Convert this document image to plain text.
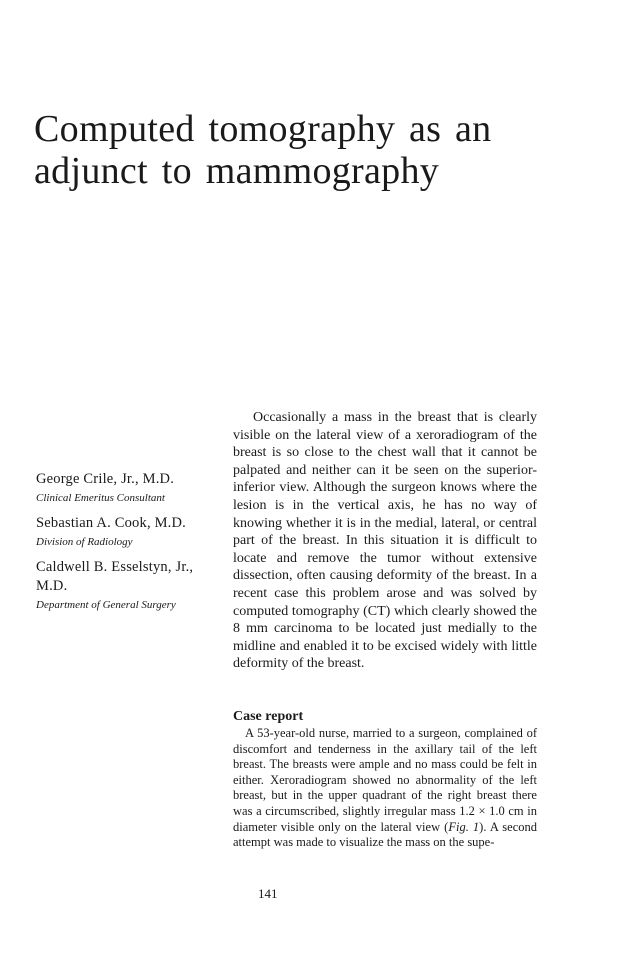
Computed tomography as an adjunct to mammography

George Crile, Jr., M.D.

Clinical Emeritus Consultant

Sebastian A. Cook, M.D.

Division of Radiology

Caldwell B. Esselstyn, Jr., M.D.

Department of General Surgery

Occasionally a mass in the breast that is clearly visible on the lateral view of a xeroradiogram of the breast is so close to the chest wall that it cannot be palpated and neither can it be seen on the superior-inferior view. Although the surgeon knows where the lesion is in the vertical axis, he has no way of knowing whether it is in the medial, lateral, or central part of the breast. In this situation it is difficult to locate and remove the tumor without extensive dissection, often causing deformity of the breast. In a recent case this problem arose and was solved by computed tomography (CT) which clearly showed the 8 mm carcinoma to be located just medially to the midline and enabled it to be excised widely with little deformity of the breast.

Case report

A 53-year-old nurse, married to a surgeon, complained of discomfort and tenderness in the axillary tail of the left breast. The breasts were ample and no mass could be felt in either. Xeroradiogram showed no abnormality of the left breast, but in the upper quadrant of the right breast there was a circumscribed, slightly irregular mass 1.2 × 1.0 cm in diameter visible only on the lateral view (Fig. 1). A second attempt was made to visualize the mass on the supe-

141
